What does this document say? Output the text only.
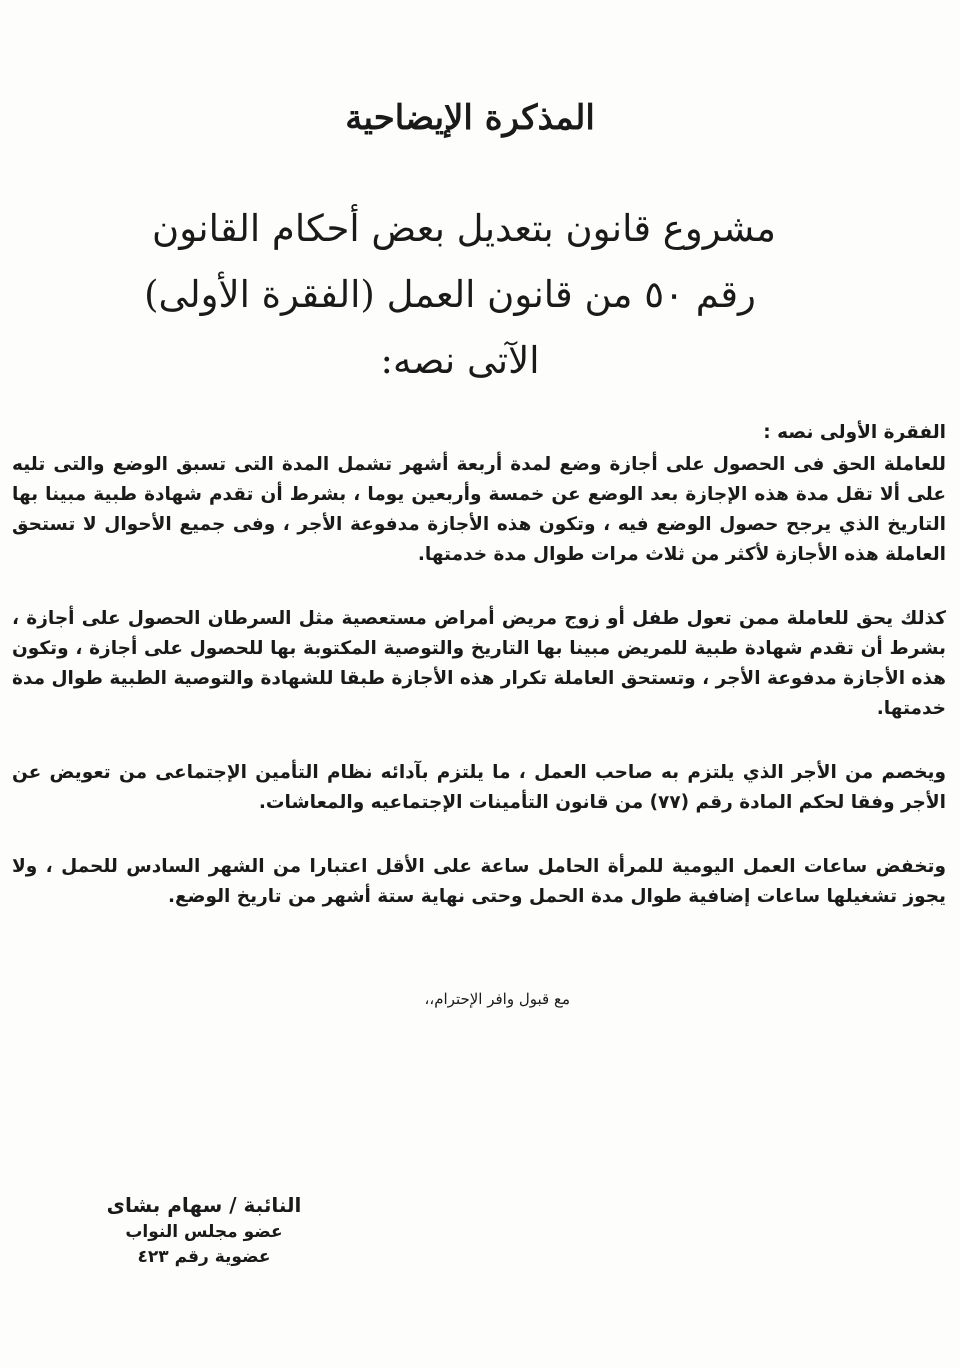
المذكرة الإيضاحية
مشروع قانون بتعديل بعض أحكام القانون
رقم ٥٠ من قانون العمل (الفقرة الأولى)
الآتى نصه:

الفقرة الأولى نصه :

للعاملة الحق فى الحصول على أجازة وضع لمدة أربعة أشهر تشمل المدة التى تسبق الوضع والتى تليه على ألا تقل مدة هذه الإجازة بعد الوضع عن خمسة وأربعين يوما ، بشرط أن تقدم شهادة طبية مبينا بها التاريخ الذي يرجح حصول الوضع فيه ، وتكون هذه الأجازة مدفوعة الأجر ، وفى جميع الأحوال لا تستحق العاملة هذه الأجازة لأكثر من ثلاث مرات طوال مدة خدمتها.

كذلك يحق للعاملة ممن تعول طفل أو زوج مريض أمراض مستعصية مثل السرطان الحصول على أجازة ، بشرط أن تقدم شهادة طبية للمريض مبينا بها التاريخ والتوصية المكتوبة بها للحصول على أجازة ، وتكون هذه الأجازة مدفوعة الأجر ، وتستحق العاملة تكرار هذه الأجازة طبقا للشهادة والتوصية الطبية طوال مدة خدمتها.

ويخصم من الأجر الذي يلتزم به صاحب العمل ، ما يلتزم بآدائه نظام التأمين الإجتماعى من تعويض عن الأجر وفقا لحكم المادة رقم (٧٧) من قانون التأمينات الإجتماعيه والمعاشات.

وتخفض ساعات العمل اليومية للمرأة الحامل ساعة على الأقل اعتبارا من الشهر السادس للحمل ، ولا يجوز تشغيلها ساعات إضافية طوال مدة الحمل وحتى نهاية ستة أشهر من تاريخ الوضع.

مع قبول وافر الإحترام،،
النائبة / سهام بشاى
عضو مجلس النواب
عضوية رقم ٤٢٣
